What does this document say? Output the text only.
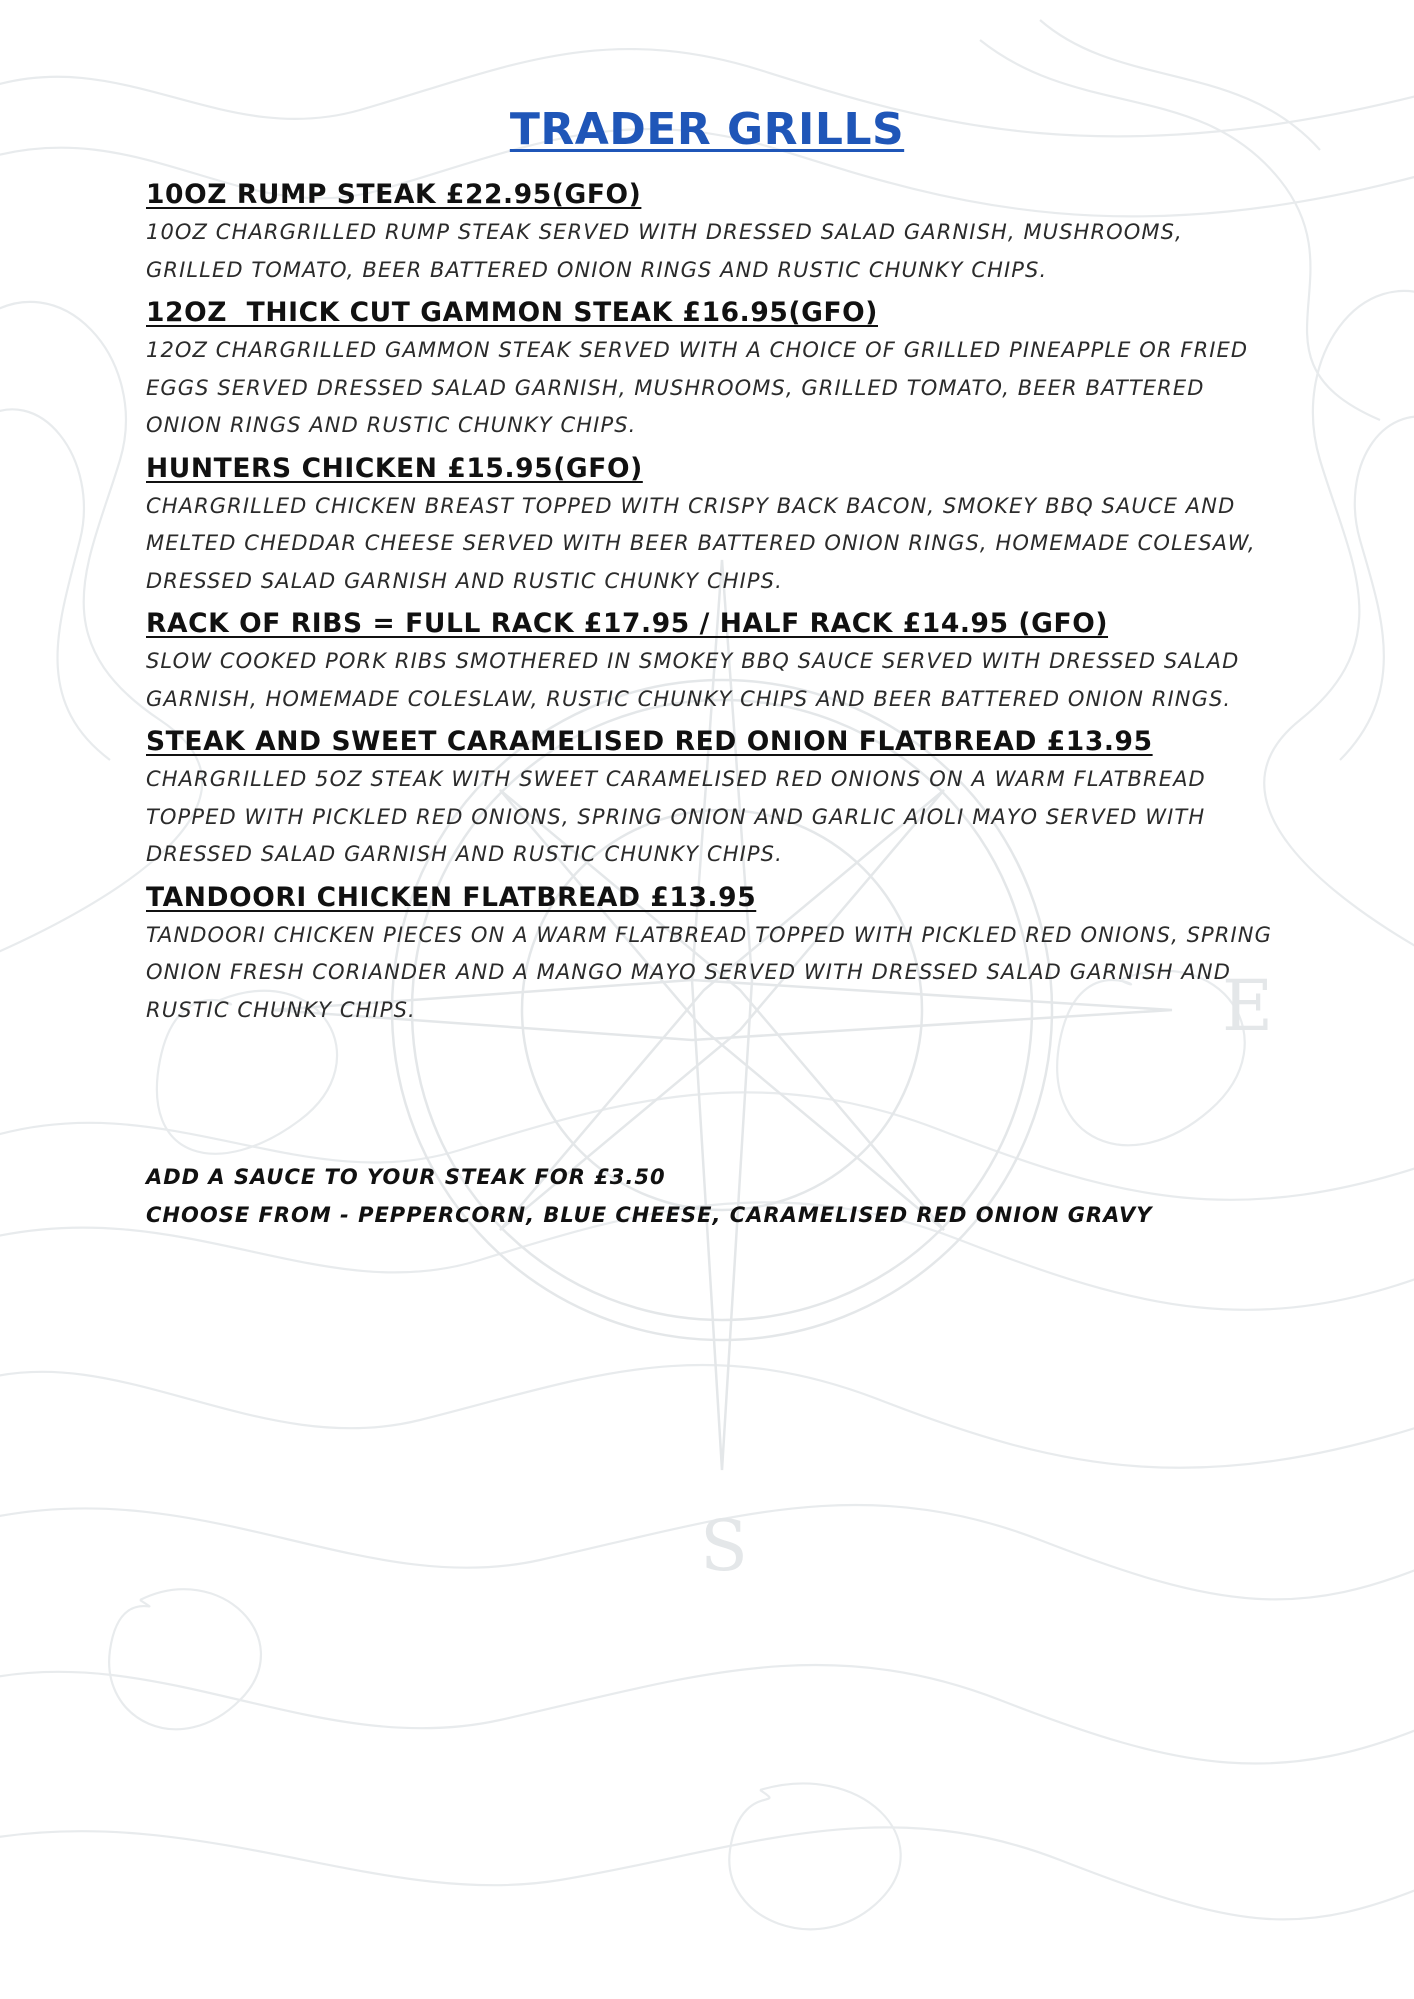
E
S
TRADER GRILLS
10OZ RUMP STEAK £22.95(GFO)
10OZ CHARGRILLED RUMP STEAK SERVED WITH DRESSED SALAD GARNISH, MUSHROOMS, GRILLED TOMATO, BEER BATTERED ONION RINGS AND RUSTIC CHUNKY CHIPS.
12OZ  THICK CUT GAMMON STEAK £16.95(GFO)
12OZ CHARGRILLED GAMMON STEAK SERVED WITH A CHOICE OF GRILLED PINEAPPLE OR FRIED EGGS SERVED DRESSED SALAD GARNISH, MUSHROOMS, GRILLED TOMATO, BEER BATTERED ONION RINGS AND RUSTIC CHUNKY CHIPS.
HUNTERS CHICKEN £15.95(GFO)
CHARGRILLED CHICKEN BREAST TOPPED WITH CRISPY BACK BACON, SMOKEY BBQ SAUCE AND MELTED CHEDDAR CHEESE SERVED WITH BEER BATTERED ONION RINGS, HOMEMADE COLESAW, DRESSED SALAD GARNISH AND RUSTIC CHUNKY CHIPS.
RACK OF RIBS = FULL RACK £17.95 / HALF RACK £14.95 (GFO)
SLOW COOKED PORK RIBS SMOTHERED IN SMOKEY BBQ SAUCE SERVED WITH DRESSED SALAD GARNISH, HOMEMADE COLESLAW, RUSTIC CHUNKY CHIPS AND BEER BATTERED ONION RINGS.
STEAK AND SWEET CARAMELISED RED ONION FLATBREAD £13.95
CHARGRILLED 5OZ STEAK WITH SWEET CARAMELISED RED ONIONS ON A WARM FLATBREAD TOPPED WITH PICKLED RED ONIONS, SPRING ONION AND GARLIC AIOLI MAYO SERVED WITH DRESSED SALAD GARNISH AND RUSTIC CHUNKY CHIPS.
TANDOORI CHICKEN FLATBREAD £13.95
TANDOORI CHICKEN PIECES ON A WARM FLATBREAD TOPPED WITH PICKLED RED ONIONS, SPRING ONION FRESH CORIANDER AND A MANGO MAYO SERVED WITH DRESSED SALAD GARNISH AND RUSTIC CHUNKY CHIPS.
ADD A SAUCE TO YOUR STEAK FOR £3.50
CHOOSE FROM - PEPPERCORN, BLUE CHEESE, CARAMELISED RED ONION GRAVY
